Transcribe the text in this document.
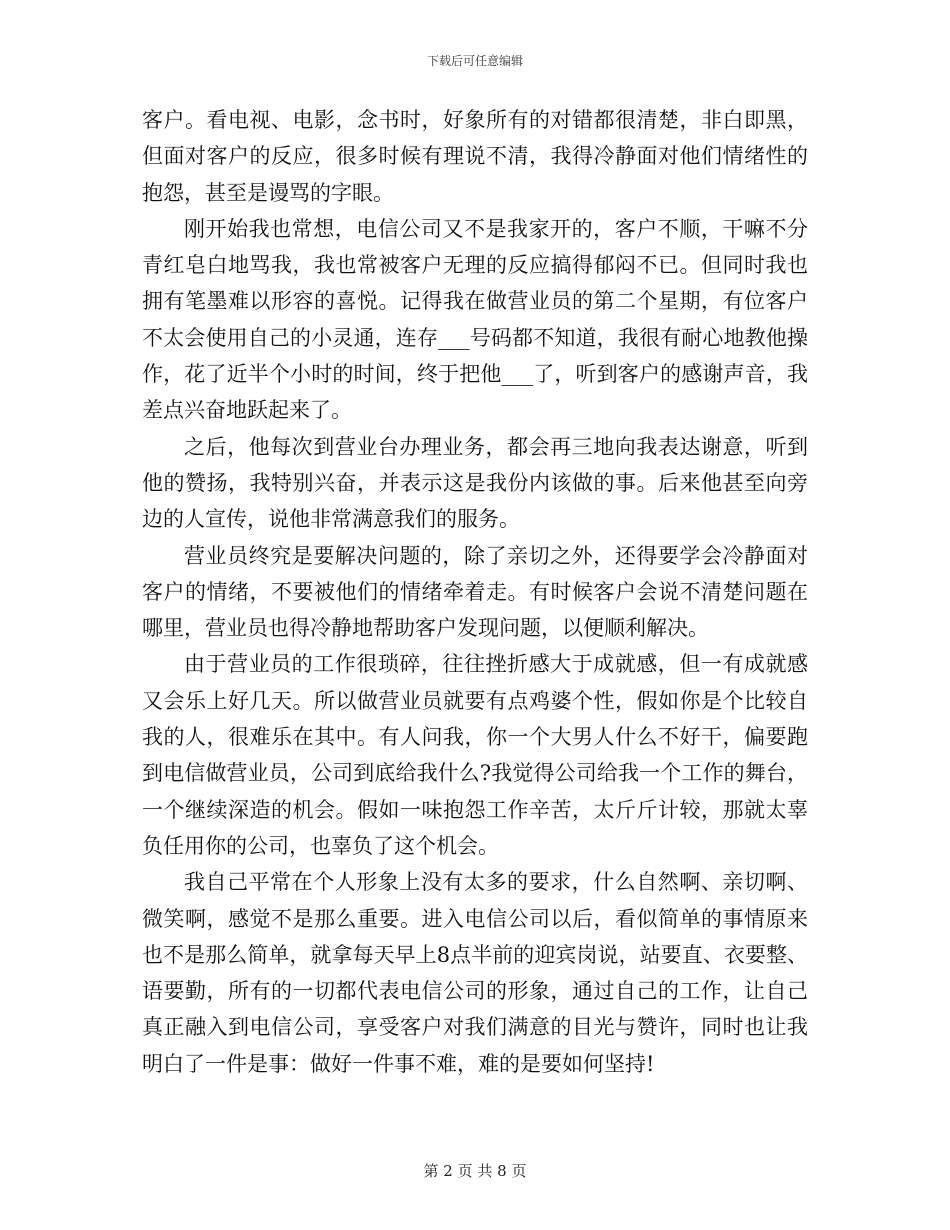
下载后可任意编辑

客户。看电视、电影，念书时，好象所有的对错都很清楚，非白即黑，但面对客户的反应，很多时候有理说不清，我得冷静面对他们情绪性的抱怨，甚至是谩骂的字眼。

刚开始我也常想，电信公司又不是我家开的，客户不顺，干嘛不分青红皂白地骂我，我也常被客户无理的反应搞得郁闷不已。但同时我也拥有笔墨难以形容的喜悦。记得我在做营业员的第二个星期，有位客户不太会使用自己的小灵通，连存___号码都不知道，我很有耐心地教他操作，花了近半个小时的时间，终于把他___了，听到客户的感谢声音，我差点兴奋地跃起来了。

之后，他每次到营业台办理业务，都会再三地向我表达谢意，听到他的赞扬，我特别兴奋，并表示这是我份内该做的事。后来他甚至向旁边的人宣传，说他非常满意我们的服务。

营业员终究是要解决问题的，除了亲切之外，还得要学会冷静面对客户的情绪，不要被他们的情绪牵着走。有时候客户会说不清楚问题在哪里，营业员也得冷静地帮助客户发现问题，以便顺利解决。

由于营业员的工作很琐碎，往往挫折感大于成就感，但一有成就感又会乐上好几天。所以做营业员就要有点鸡婆个性，假如你是个比较自我的人，很难乐在其中。有人问我，你一个大男人什么不好干，偏要跑到电信做营业员，公司到底给我什么?我觉得公司给我一个工作的舞台，一个继续深造的机会。假如一味抱怨工作辛苦，太斤斤计较，那就太辜负任用你的公司，也辜负了这个机会。

我自己平常在个人形象上没有太多的要求，什么自然啊、亲切啊、微笑啊，感觉不是那么重要。进入电信公司以后，看似简单的事情原来也不是那么简单，就拿每天早上8点半前的迎宾岗说，站要直、衣要整、语要勤，所有的一切都代表电信公司的形象，通过自己的工作，让自己真正融入到电信公司，享受客户对我们满意的目光与赞许，同时也让我明白了一件是事：做好一件事不难，难的是要如何坚持!

第 2 页 共 8 页
